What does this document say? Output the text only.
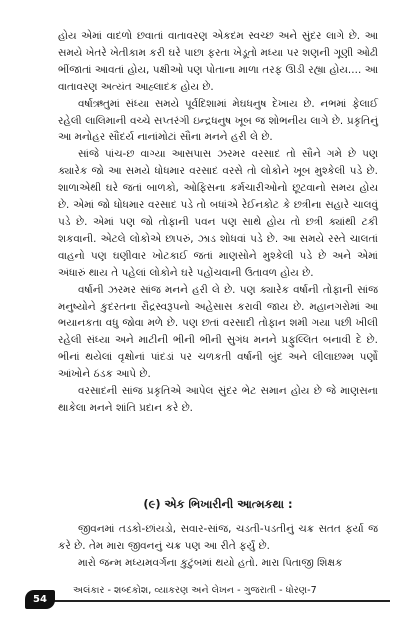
હોય એમાં વાદળો છવાતાં વાતાવરણ એકદમ સ્વચ્છ અને સુંદર લાગે છે. આ સમયે ખેતરે ખેતીકામ કરી ઘરે પાછા ફરતા ખેડૂતો મધ્યા પર શણની ગૂણી ઓઢી ભીંજાતાં આવતાં હોય, પક્ષીઓ પણ પોતાના માળા તરફ ઊડી રહ્યા હોય.... આ વાતાવરણ અત્યંત આહ્લાદક હોય છે.

વર્ષાઋતુમાં સંધ્યા સમયે પૂર્વદિશામાં મેઘધનુષ દેખાય છે. નભમાં ફેલાઈ રહેલી લાલિમાની વચ્ચે સપ્તરંગી ઇન્દ્રધનુષ ખૂબ જ શોભનીય લાગે છે. પ્રકૃતિનું આ મનોહર સૌંદર્ય નાનાંમોટાં સૌના મનને હરી લે છે.

સાંજે પાંચ-છ વાગ્યા આસપાસ ઝરમર વરસાદ તો સૌને ગમે છે પણ ક્યારેક જો આ સમયે ધોધમાર વરસાદ વરસે તો લોકોને ખૂબ મુશ્કેલી પડે છે. શાળાએથી ઘરે જતાં બાળકો, ઓફિસના કર્મચારીઓનો છૂટવાનો સમય હોય છે. એમાં જો ધોધમાર વરસાદ પડે તો બધાંએ રેઈનકોટ કે છત્રીના સહારે ચાલવું પડે છે. એમાં પણ જો તોફાની પવન પણ સાથે હોય તો છત્રી ક્યાંથી ટકી શકવાની. એટલે લોકોએ છાપરું, ઝાડ શોધવાં પડે છે. આ સમયે રસ્તે ચાલતાં વાહનો પણ ઘણીવાર ખોટકાઈ જતાં માણસોને મુશ્કેલી પડે છે અને એમાં અંધારું થાય તે પહેલાં લોકોને ઘરે પહોંચવાની ઉતાવળ હોય છે.

વર્ષાની ઝરમર સાંજ મનને હરી લે છે. પણ ક્યારેક વર્ષાની તોફાની સાંજ મનુષ્યોને કુદરતના રૌદ્રસ્વરૂપનો અહેસાસ કરાવી જાય છે. મહાનગરોમાં આ ભયાનકતા વધુ જોવા મળે છે. પણ છતાં વરસાદી તોફાન શમી ગયા પછી ખીલી રહેલી સંધ્યા અને માટીની ભીની ભીની સુગંધ મનને પ્રફુલ્લિત બનાવી દે છે. ભીનાં થયેલાં વૃક્ષોનાં પાંદડાં પર ચળકતી વર્ષાની બુંદ અને લીલાછમ્મ પર્ણો આંખોને ઠંડક આપે છે.

વરસાદની સાંજ પ્રકૃતિએ આપેલ સુંદર ભેટ સમાન હોય છે જે માણસના થાકેલા મનને શાંતિ પ્રદાન કરે છે.

(૯) એક ભિખારીની આત્મકથા :

જીવનમાં તડકો-છાંયડો, સવાર-સાંજ, ચડતી-પડતીનું ચક્ર સતત ફર્યા જ કરે છે. તેમ મારા જીવનનું ચક્ર પણ આ રીતે ફર્યું છે.

મારો જન્મ મધ્યમવર્ગના કુટુંબમાં થયો હતો. મારા પિતાજી શિક્ષક

54
અલંકાર - શબ્દકોશ, વ્યાકરણ અને લેખન - ગુજરાતી - ધોરણ-7
